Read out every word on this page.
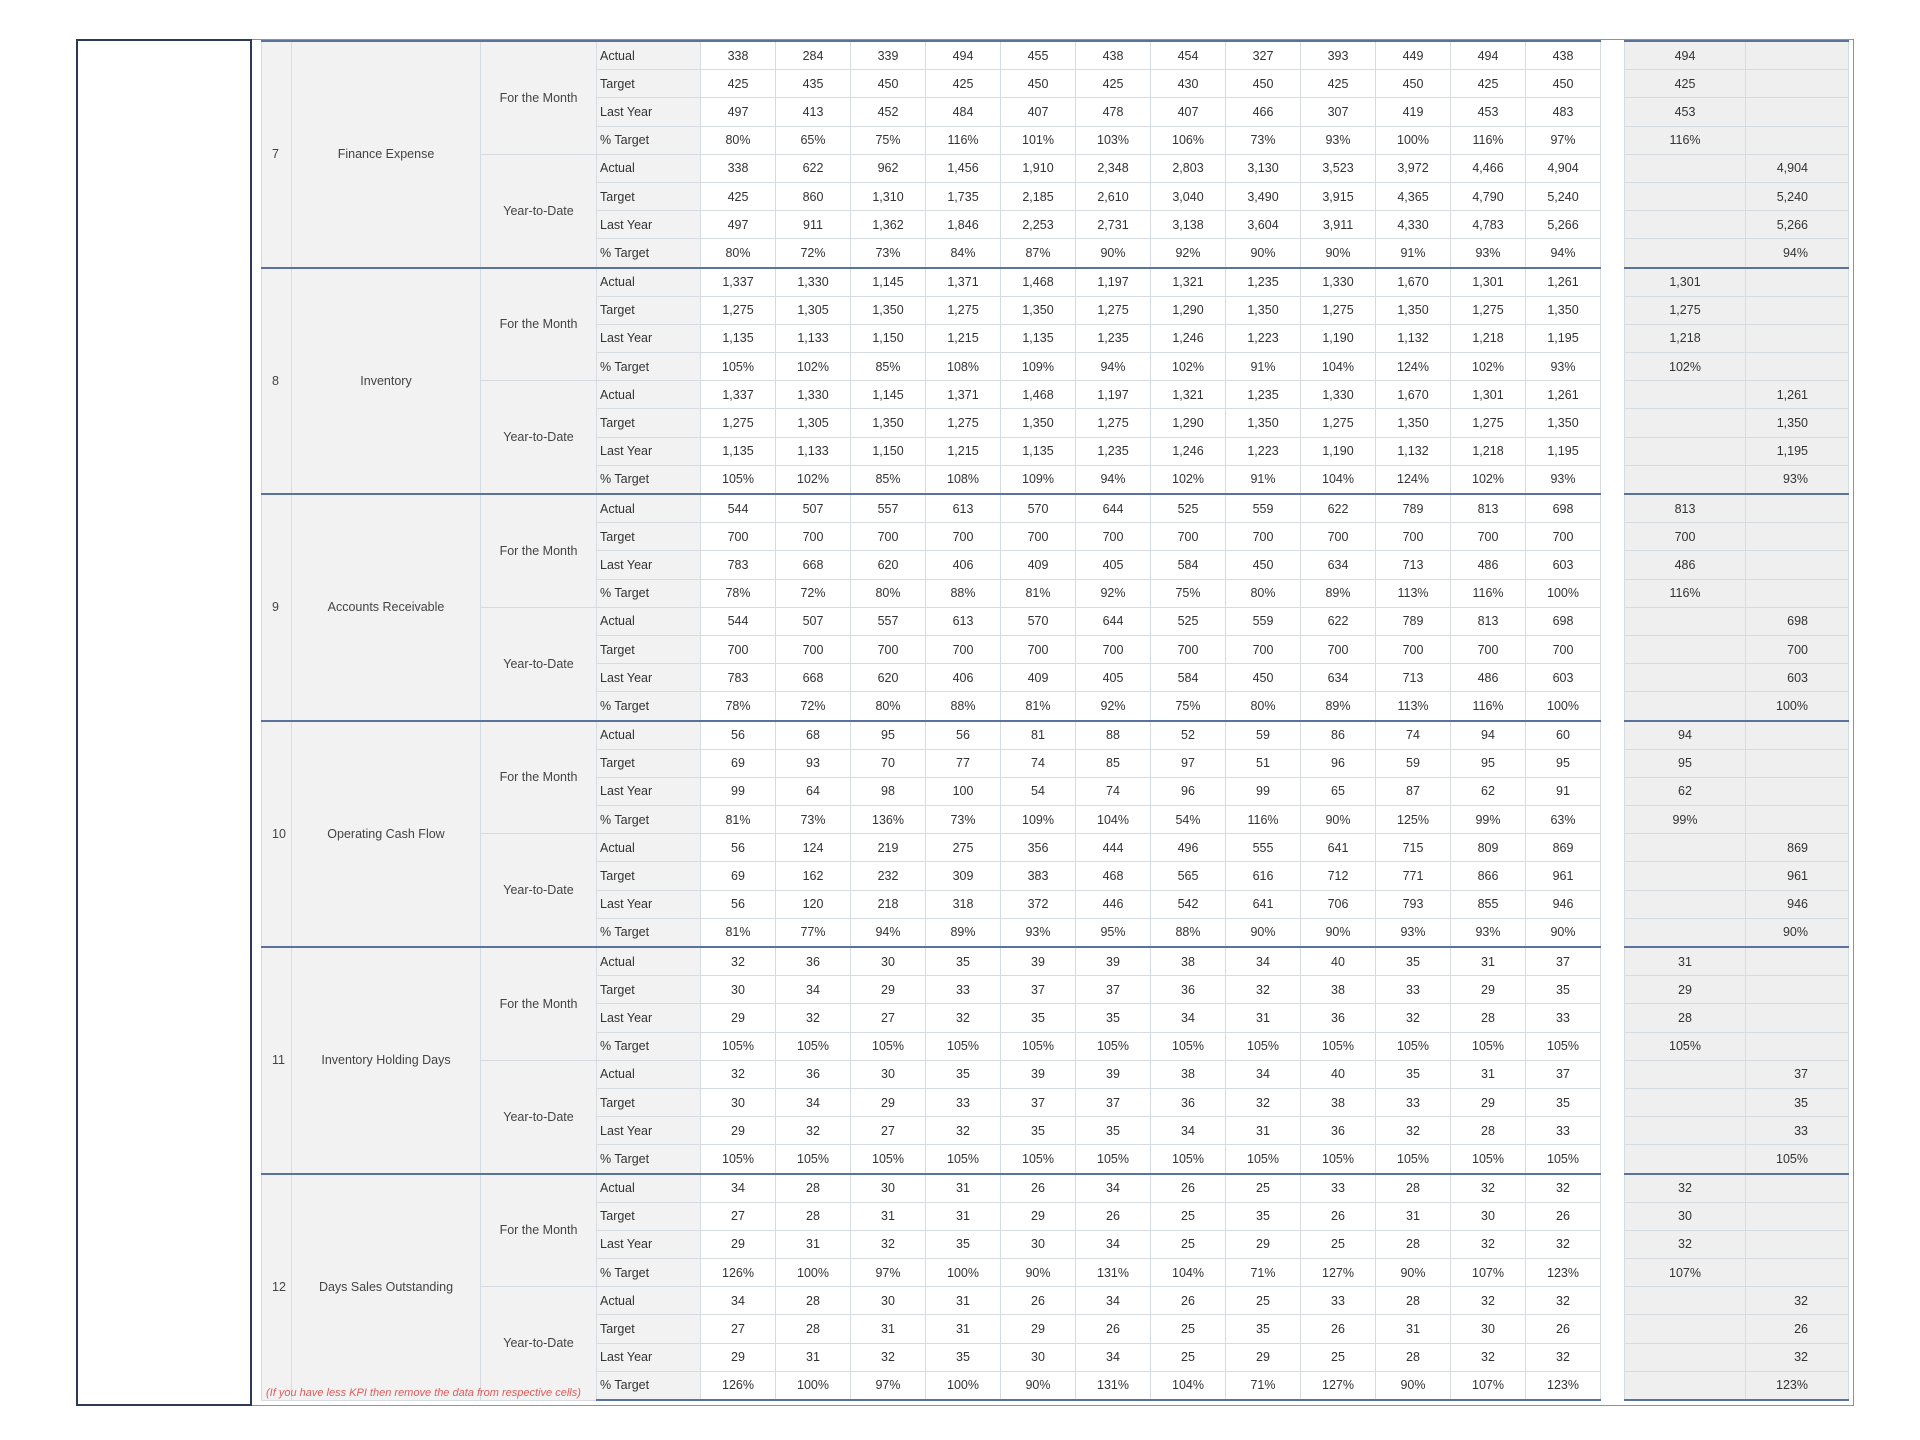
7	Finance Expense	For the Month	Actual	338	284	339	494	455	438	454	327	393	449	494	438		494	
			Target	425	435	450	425	450	425	430	450	425	450	425	450		425	
			Last Year	497	413	452	484	407	478	407	466	307	419	453	483		453	
			% Target	80%	65%	75%	116%	101%	103%	106%	73%	93%	100%	116%	97%		116%	
		Year-to-Date	Actual	338	622	962	1,456	1,910	2,348	2,803	3,130	3,523	3,972	4,466	4,904			4,904
			Target	425	860	1,310	1,735	2,185	2,610	3,040	3,490	3,915	4,365	4,790	5,240			5,240
			Last Year	497	911	1,362	1,846	2,253	2,731	3,138	3,604	3,911	4,330	4,783	5,266			5,266
			% Target	80%	72%	73%	84%	87%	90%	92%	90%	90%	91%	93%	94%			94%
8	Inventory	For the Month	Actual	1,337	1,330	1,145	1,371	1,468	1,197	1,321	1,235	1,330	1,670	1,301	1,261		1,301	
			Target	1,275	1,305	1,350	1,275	1,350	1,275	1,290	1,350	1,275	1,350	1,275	1,350		1,275	
			Last Year	1,135	1,133	1,150	1,215	1,135	1,235	1,246	1,223	1,190	1,132	1,218	1,195		1,218	
			% Target	105%	102%	85%	108%	109%	94%	102%	91%	104%	124%	102%	93%		102%	
		Year-to-Date	Actual	1,337	1,330	1,145	1,371	1,468	1,197	1,321	1,235	1,330	1,670	1,301	1,261			1,261
			Target	1,275	1,305	1,350	1,275	1,350	1,275	1,290	1,350	1,275	1,350	1,275	1,350			1,350
			Last Year	1,135	1,133	1,150	1,215	1,135	1,235	1,246	1,223	1,190	1,132	1,218	1,195			1,195
			% Target	105%	102%	85%	108%	109%	94%	102%	91%	104%	124%	102%	93%			93%
9	Accounts Receivable	For the Month	Actual	544	507	557	613	570	644	525	559	622	789	813	698		813	
			Target	700	700	700	700	700	700	700	700	700	700	700	700		700	
			Last Year	783	668	620	406	409	405	584	450	634	713	486	603		486	
			% Target	78%	72%	80%	88%	81%	92%	75%	80%	89%	113%	116%	100%		116%	
		Year-to-Date	Actual	544	507	557	613	570	644	525	559	622	789	813	698			698
			Target	700	700	700	700	700	700	700	700	700	700	700	700			700
			Last Year	783	668	620	406	409	405	584	450	634	713	486	603			603
			% Target	78%	72%	80%	88%	81%	92%	75%	80%	89%	113%	116%	100%			100%
10	Operating Cash Flow	For the Month	Actual	56	68	95	56	81	88	52	59	86	74	94	60		94	
			Target	69	93	70	77	74	85	97	51	96	59	95	95		95	
			Last Year	99	64	98	100	54	74	96	99	65	87	62	91		62	
			% Target	81%	73%	136%	73%	109%	104%	54%	116%	90%	125%	99%	63%		99%	
		Year-to-Date	Actual	56	124	219	275	356	444	496	555	641	715	809	869			869
			Target	69	162	232	309	383	468	565	616	712	771	866	961			961
			Last Year	56	120	218	318	372	446	542	641	706	793	855	946			946
			% Target	81%	77%	94%	89%	93%	95%	88%	90%	90%	93%	93%	90%			90%
11	Inventory Holding Days	For the Month	Actual	32	36	30	35	39	39	38	34	40	35	31	37		31	
			Target	30	34	29	33	37	37	36	32	38	33	29	35		29	
			Last Year	29	32	27	32	35	35	34	31	36	32	28	33		28	
			% Target	105%	105%	105%	105%	105%	105%	105%	105%	105%	105%	105%	105%		105%	
		Year-to-Date	Actual	32	36	30	35	39	39	38	34	40	35	31	37			37
			Target	30	34	29	33	37	37	36	32	38	33	29	35			35
			Last Year	29	32	27	32	35	35	34	31	36	32	28	33			33
			% Target	105%	105%	105%	105%	105%	105%	105%	105%	105%	105%	105%	105%			105%
12	Days Sales Outstanding	For the Month	Actual	34	28	30	31	26	34	26	25	33	28	32	32		32	
			Target	27	28	31	31	29	26	25	35	26	31	30	26		30	
			Last Year	29	31	32	35	30	34	25	29	25	28	32	32		32	
			% Target	126%	100%	97%	100%	90%	131%	104%	71%	127%	90%	107%	123%		107%	
		Year-to-Date	Actual	34	28	30	31	26	34	26	25	33	28	32	32			32
			Target	27	28	31	31	29	26	25	35	26	31	30	26			26
			Last Year	29	31	32	35	30	34	25	29	25	28	32	32			32
			% Target	126%	100%	97%	100%	90%	131%	104%	71%	127%	90%	107%	123%			123%
(If you have less KPI then remove the data from respective cells)
